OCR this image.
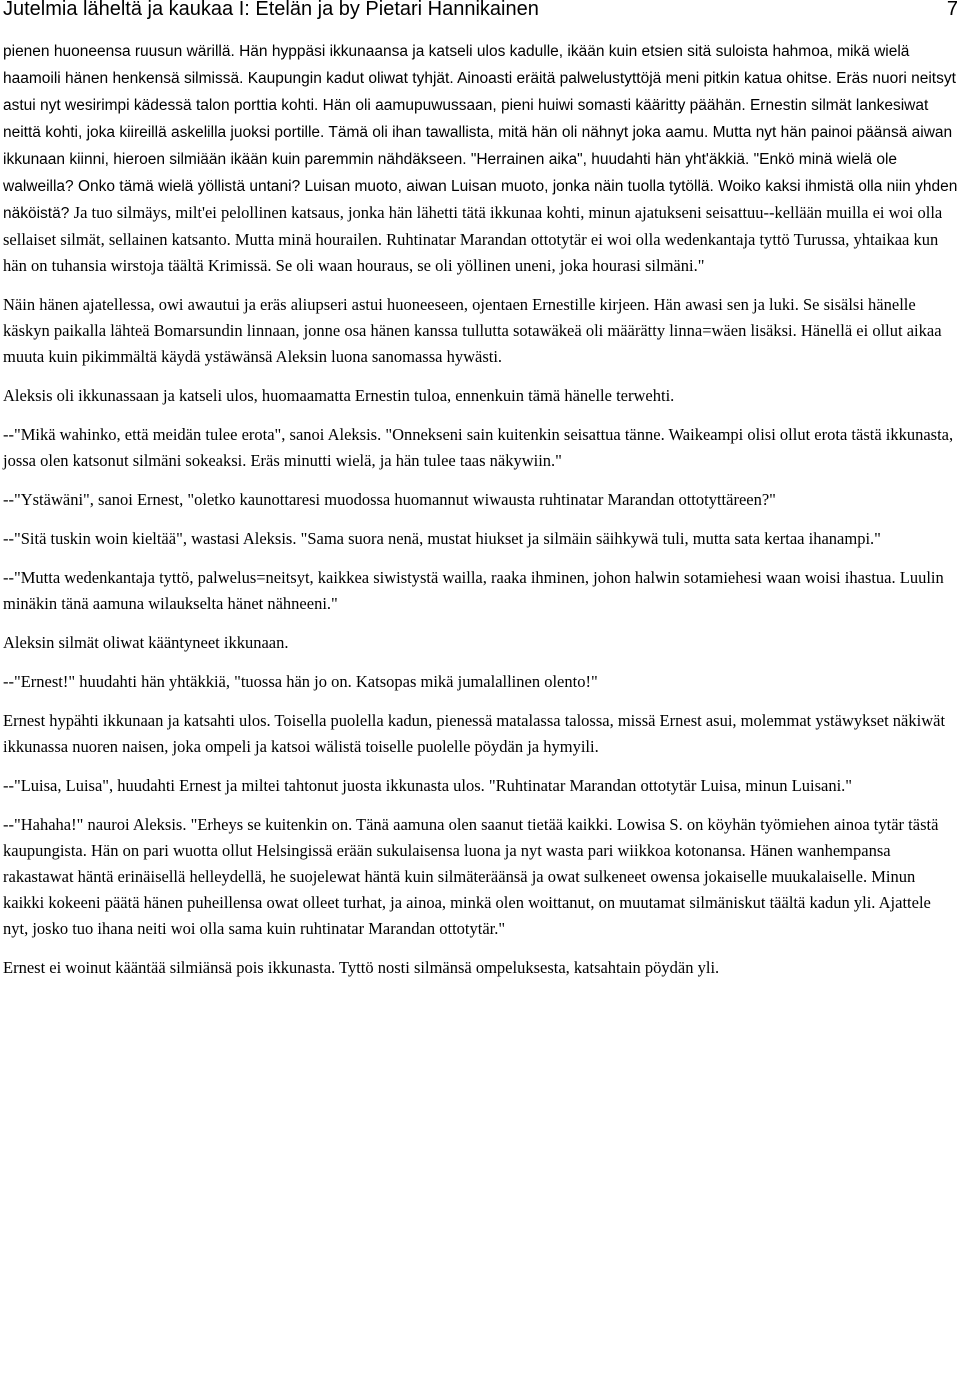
Jutelmia läheltä ja kaukaa I: Etelän ja by Pietari Hannikainen	7

pienen huoneensa ruusun wärillä. Hän hyppäsi ikkunaansa ja katseli ulos kadulle, ikään kuin etsien sitä suloista hahmoa, mikä wielä haamoili hänen henkensä silmissä. Kaupungin kadut oliwat tyhjät. Ainoasti eräitä palwelustyttöjä meni pitkin katua ohitse. Eräs nuori neitsyt astui nyt wesirimpi kädessä talon porttia kohti. Hän oli aamupuwussaan, pieni huiwi somasti kääritty päähän. Ernestin silmät lankesiwat neittä kohti, joka kiireillä askelilla juoksi portille. Tämä oli ihan tawallista, mitä hän oli nähnyt joka aamu. Mutta nyt hän painoi päänsä aiwan ikkunaan kiinni, hieroen silmiään ikään kuin paremmin nähdäkseen. "Herrainen aika", huudahti hän yht'äkkiä. "Enkö minä wielä ole walweilla? Onko tämä wielä yöllistä untani? Luisan muoto, aiwan Luisan muoto, jonka näin tuolla tytöllä. Woiko kaksi ihmistä olla niin yhden näköistä? Ja tuo silmäys, milt'ei pelollinen katsaus, jonka hän lähetti tätä ikkunaa kohti, minun ajatukseni seisattuu--kellään muilla ei woi olla sellaiset silmät, sellainen katsanto. Mutta minä hourailen. Ruhtinatar Marandan ottotytär ei woi olla wedenkantaja tyttö Turussa, yhtaikaa kun hän on tuhansia wirstoja täältä Krimissä. Se oli waan houraus, se oli yöllinen uneni, joka hourasi silmäni."

Näin hänen ajatellessa, owi awautui ja eräs aliupseri astui huoneeseen, ojentaen Ernestille kirjeen. Hän awasi sen ja luki. Se sisälsi hänelle käskyn paikalla lähteä Bomarsundin linnaan, jonne osa hänen kanssa tullutta sotawäkeä oli määrätty linna=wäen lisäksi. Hänellä ei ollut aikaa muuta kuin pikimmältä käydä ystäwänsä Aleksin luona sanomassa hywästi.

Aleksis oli ikkunassaan ja katseli ulos, huomaamatta Ernestin tuloa, ennenkuin tämä hänelle terwehti.

--"Mikä wahinko, että meidän tulee erota", sanoi Aleksis. "Onnekseni sain kuitenkin seisattua tänne. Waikeampi olisi ollut erota tästä ikkunasta, jossa olen katsonut silmäni sokeaksi. Eräs minutti wielä, ja hän tulee taas näkywiin."

--"Ystäwäni", sanoi Ernest, "oletko kaunottaresi muodossa huomannut wiwausta ruhtinatar Marandan ottotyttäreen?"

--"Sitä tuskin woin kieltää", wastasi Aleksis. "Sama suora nenä, mustat hiukset ja silmäin säihkywä tuli, mutta sata kertaa ihanampi."

--"Mutta wedenkantaja tyttö, palwelus=neitsyt, kaikkea siwistystä wailla, raaka ihminen, johon halwin sotamiehesi waan woisi ihastua. Luulin minäkin tänä aamuna wilaukselta hänet nähneeni."

Aleksin silmät oliwat kääntyneet ikkunaan.

--"Ernest!" huudahti hän yhtäkkiä, "tuossa hän jo on. Katsopas mikä jumalallinen olento!"

Ernest hypähti ikkunaan ja katsahti ulos. Toisella puolella kadun, pienessä matalassa talossa, missä Ernest asui, molemmat ystäwykset näkiwät ikkunassa nuoren naisen, joka ompeli ja katsoi wälistä toiselle puolelle pöydän ja hymyili.

--"Luisa, Luisa", huudahti Ernest ja miltei tahtonut juosta ikkunasta ulos. "Ruhtinatar Marandan ottotytär Luisa, minun Luisani."

--"Hahaha!" nauroi Aleksis. "Erheys se kuitenkin on. Tänä aamuna olen saanut tietää kaikki. Lowisa S. on köyhän työmiehen ainoa tytär tästä kaupungista. Hän on pari wuotta ollut Helsingissä erään sukulaisensa luona ja nyt wasta pari wiikkoa kotonansa. Hänen wanhempansa rakastawat häntä erinäisellä helleydellä, he suojelewat häntä kuin silmäteräänsä ja owat sulkeneet owensa jokaiselle muukalaiselle. Minun kaikki kokeeni päätä hänen puheillensa owat olleet turhat, ja ainoa, minkä olen woittanut, on muutamat silmäniskut täältä kadun yli. Ajattele nyt, josko tuo ihana neiti woi olla sama kuin ruhtinatar Marandan ottotytär."

Ernest ei woinut kääntää silmiänsä pois ikkunasta. Tyttö nosti silmänsä ompeluksesta, katsahtain pöydän yli.
